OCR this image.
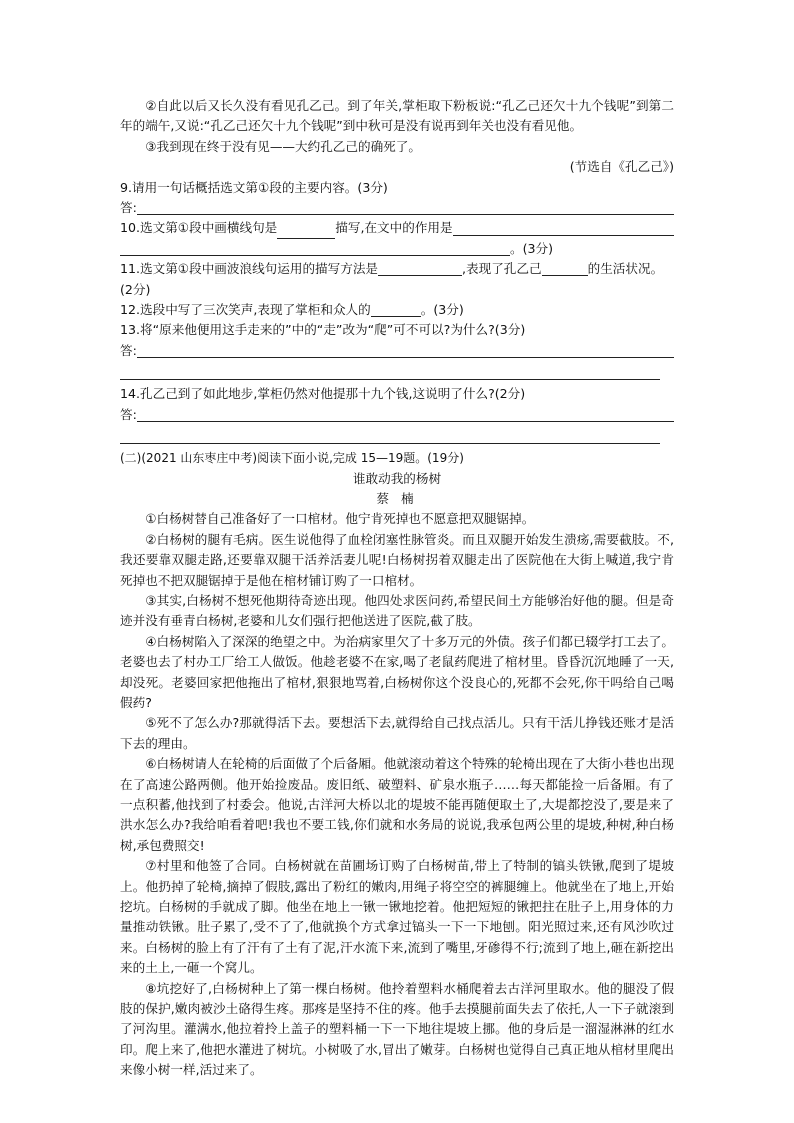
②自此以后又长久没有看见孔乙己。到了年关,掌柜取下粉板说:“孔乙己还欠十九个钱呢”到第二年的端午,又说:“孔乙己还欠十九个钱呢”到中秋可是没有说再到年关也没有看见他。

③我到现在终于没有见——大约孔乙己的确死了。

(节选自《孔乙己》)

9.请用一句话概括选文第①段的主要内容。(3分)

答:
10.选文第①段中画横线句是	描写,在文中的作用是
。(3分)

11.选文第①段中画波浪线句运用的描写方法是	,表现了孔乙己	的生活状况。(2分)

12.选段中写了三次笑声,表现了掌柜和众人的	。(3分)

13.将“原来他便用这手走来的”中的“走”改为“爬”可不可以?为什么?(3分)

答:

14.孔乙己到了如此地步,掌柜仍然对他提那十九个钱,这说明了什么?(2分)

答:

(二)(2021 山东枣庄中考)阅读下面小说,完成 15—19题。(19分)

谁敢动我的杨树

蔡 楠

①白杨树替自己准备好了一口棺材。他宁肯死掉也不愿意把双腿锯掉。

②白杨树的腿有毛病。医生说他得了血栓闭塞性脉管炎。而且双腿开始发生溃疡,需要截肢。不,我还要靠双腿走路,还要靠双腿干活养活妻儿呢!白杨树拐着双腿走出了医院他在大街上喊道,我宁肯死掉也不把双腿锯掉于是他在棺材铺订购了一口棺材。

③其实,白杨树不想死他期待奇迹出现。他四处求医问药,希望民间土方能够治好他的腿。但是奇迹并没有垂青白杨树,老婆和儿女们强行把他送进了医院,截了肢。

④白杨树陷入了深深的绝望之中。为治病家里欠了十多万元的外债。孩子们都已辍学打工去了。老婆也去了村办工厂给工人做饭。他趁老婆不在家,喝了老鼠药爬进了棺材里。昏昏沉沉地睡了一天,却没死。老婆回家把他拖出了棺材,狠狠地骂着,白杨树你这个没良心的,死都不会死,你干吗给自己喝假药?

⑤死不了怎么办?那就得活下去。要想活下去,就得给自己找点活儿。只有干活儿挣钱还账才是活下去的理由。

⑥白杨树请人在轮椅的后面做了个后备厢。他就滚动着这个特殊的轮椅出现在了大街小巷也出现在了高速公路两侧。他开始捡废品。废旧纸、破塑料、矿泉水瓶子……每天都能捡一后备厢。有了一点积蓄,他找到了村委会。他说,古洋河大桥以北的堤坡不能再随便取土了,大堤都挖没了,要是来了洪水怎么办?我给咱看着吧!我也不要工钱,你们就和水务局的说说,我承包两公里的堤坡,种树,种白杨树,承包费照交!

⑦村里和他签了合同。白杨树就在苗圃场订购了白杨树苗,带上了特制的镐头铁锹,爬到了堤坡上。他扔掉了轮椅,摘掉了假肢,露出了粉红的嫩肉,用绳子将空空的裤腿缠上。他就坐在了地上,开始挖坑。白杨树的手就成了脚。他坐在地上一锹一锹地挖着。他把短短的锹把拄在肚子上,用身体的力量推动铁锹。肚子累了,受不了了,他就换个方式拿过镐头一下一下地刨。阳光照过来,还有风沙吹过来。白杨树的脸上有了汗有了土有了泥,汗水流下来,流到了嘴里,牙碜得不行;流到了地上,砸在新挖出来的土上,一砸一个窝儿。

⑧坑挖好了,白杨树种上了第一棵白杨树。他拎着塑料水桶爬着去古洋河里取水。他的腿没了假肢的保护,嫩肉被沙土硌得生疼。那疼是坚持不住的疼。他手去摸腿前面失去了依托,人一下子就滚到了河沟里。灌满水,他拉着拎上盖子的塑料桶一下一下地往堤坡上挪。他的身后是一溜湿淋淋的红水印。爬上来了,他把水灌进了树坑。小树吸了水,冒出了嫩芽。白杨树也觉得自己真正地从棺材里爬出来像小树一样,活过来了。
